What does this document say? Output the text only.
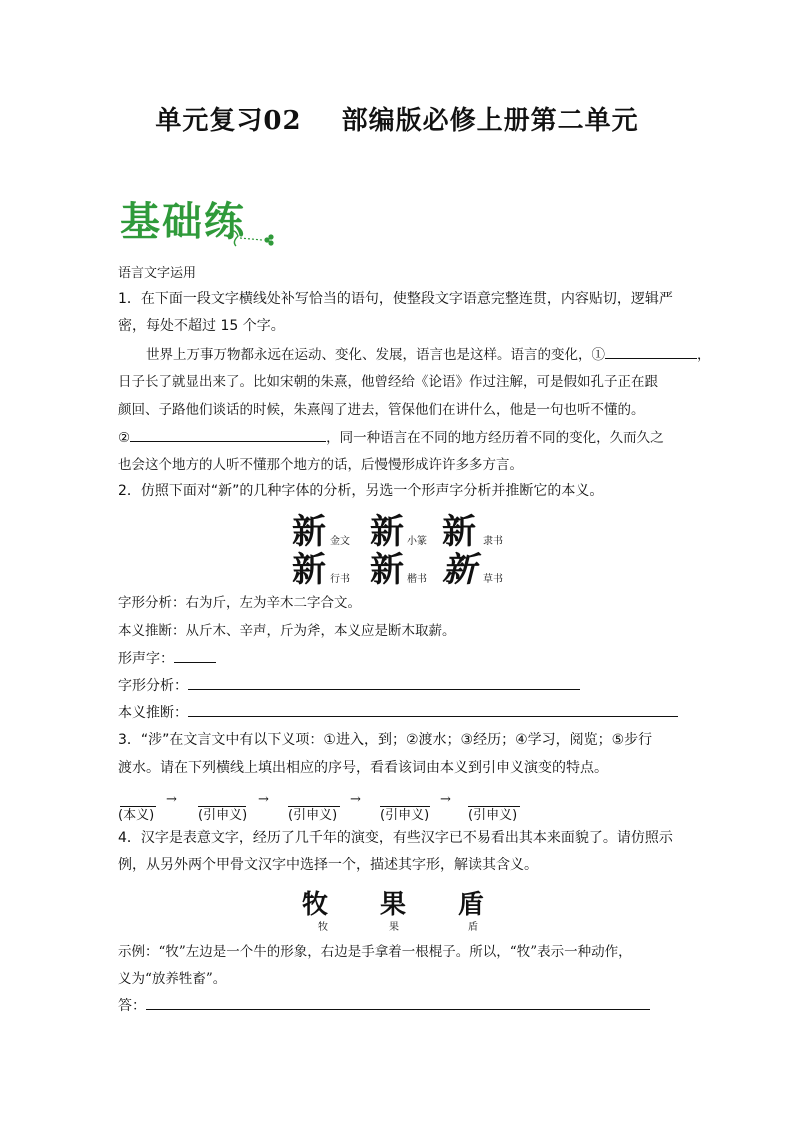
单元复习02 部编版必修上册第二单元
基础练
语言文字运用
1．在下面一段文字横线处补写恰当的语句，使整段文字语意完整连贯，内容贴切，逻辑严
密，每处不超过 15 个字。
世界上万事万物都永远在运动、变化、发展，语言也是这样。语言的变化，①	，
日子长了就显出来了。比如宋朝的朱熹，他曾经给《论语》作过注解，可是假如孔子正在跟
颜回、子路他们谈话的时候，朱熹闯了进去，管保他们在讲什么，他是一句也听不懂的。
②	，同一种语言在不同的地方经历着不同的变化，久而久之
也会这个地方的人听不懂那个地方的话，后慢慢形成许许多多方言。
2．仿照下面对“新”的几种字体的分析，另选一个形声字分析并推断它的本义。
新 金文 新 小篆 新 隶书
新 行书 新 楷书 新 草书
字形分析：右为斤，左为辛木二字合文。
本义推断：从斤木、辛声，斤为斧，本义应是断木取薪。
形声字：
字形分析：
本义推断：
3．“涉”在文言文中有以下义项：①进入，到；②渡水；③经历；④学习，阅览；⑤步行
渡水。请在下列横线上填出相应的序号，看看该词由本义到引申义演变的特点。
(本义)
→
(引申义)
→
(引申义)
→
(引申义)
→
(引申义)
4．汉字是表意文字，经历了几千年的演变，有些汉字已不易看出其本来面貌了。请仿照示
例，从另外两个甲骨文汉字中选择一个，描述其字形，解读其含义。
牧
牧
果
果
盾
盾
示例：“牧”左边是一个牛的形象，右边是手拿着一根棍子。所以，“牧”表示一种动作，
义为“放养牲畜”。
答：
